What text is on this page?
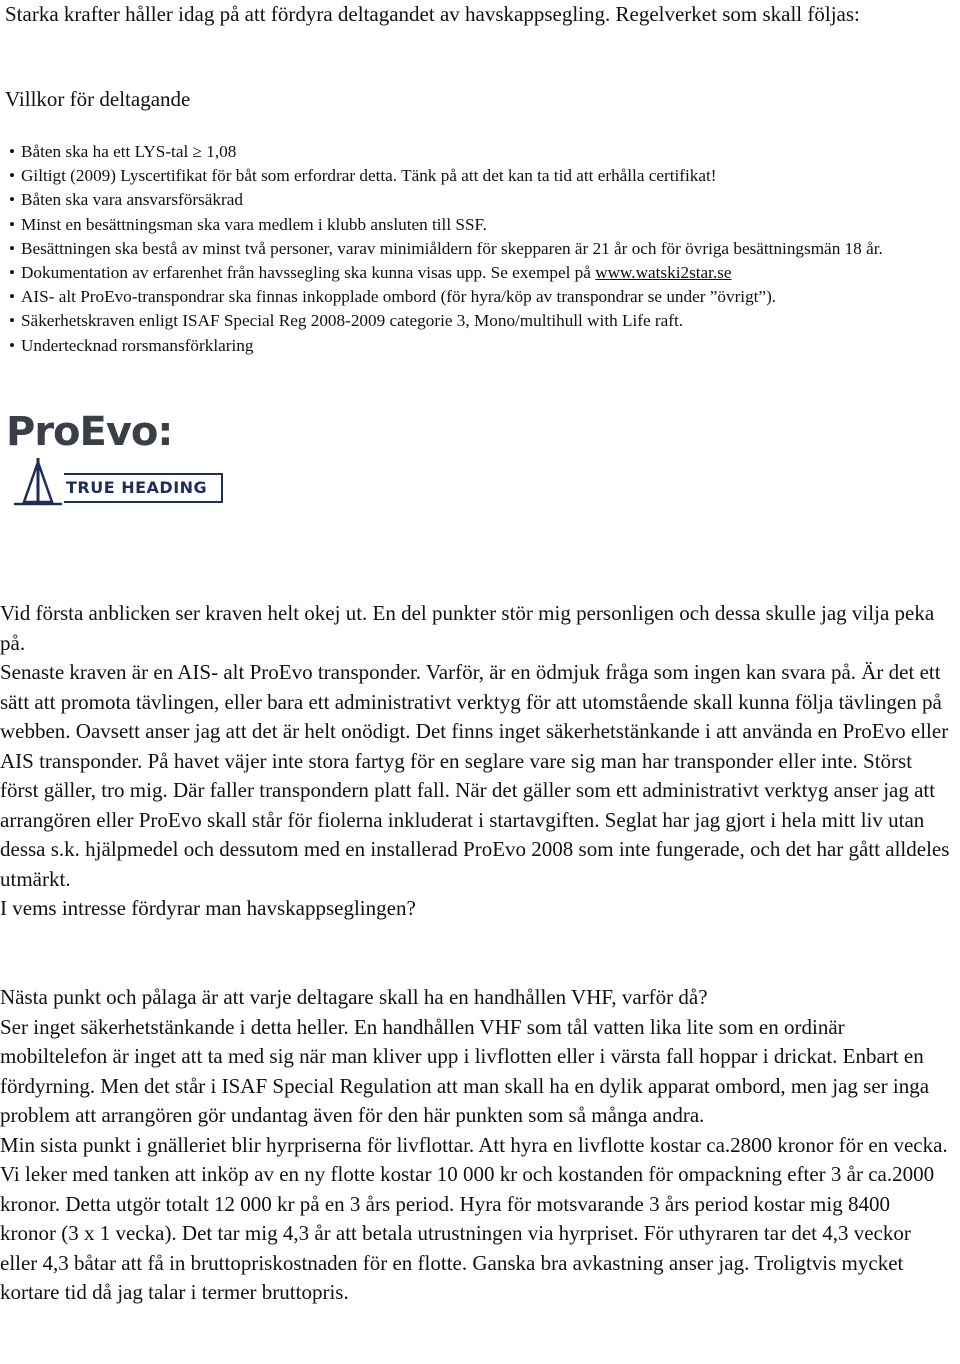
Starka krafter håller idag på att fördyra deltagandet av havskappsegling. Regelverket som skall följas:

Villkor för deltagande
• Båten ska ha ett LYS-tal ≥ 1,08
• Giltigt (2009) Lyscertifikat för båt som erfordrar detta. Tänk på att det kan ta tid att erhålla certifikat!
• Båten ska vara ansvarsförsäkrad
• Minst en besättningsman ska vara medlem i klubb ansluten till SSF.
• Besättningen ska bestå av minst två personer, varav minimiåldern för skepparen är 21 år och för övriga besättningsmän 18 år.
• Dokumentation av erfarenhet från havssegling ska kunna visas upp. Se exempel på www.watski2star.se
• AIS- alt ProEvo-transpondrar ska finnas inkopplade ombord (för hyra/köp av transpondrar se under ”övrigt”).
• Säkerhetskraven enligt ISAF Special Reg 2008-2009 categorie 3, Mono/multihull with Life raft.
• Undertecknad rorsmansförklaring
ProEvo:
TRUE HEADING

Vid första anblicken ser kraven helt okej ut. En del punkter stör mig personligen och dessa skulle jag vilja peka på.

Senaste kraven är en AIS- alt ProEvo transponder. Varför, är en ödmjuk fråga som ingen kan svara på. Är det ett sätt att promota tävlingen, eller bara ett administrativt verktyg för att utomstående skall kunna följa tävlingen på webben. Oavsett anser jag att det är helt onödigt. Det finns inget säkerhetstänkande i att använda en ProEvo eller AIS transponder. På havet väjer inte stora fartyg för en seglare vare sig man har transponder eller inte. Störst först gäller, tro mig. Där faller transpondern platt fall. När det gäller som ett administrativt verktyg anser jag att arrangören eller ProEvo skall står för fiolerna inkluderat i startavgiften. Seglat har jag gjort i hela mitt liv utan dessa s.k. hjälpmedel och dessutom med en installerad ProEvo 2008 som inte fungerade, och det har gått alldeles utmärkt.

I vems intresse fördyrar man havskappseglingen?

Nästa punkt och pålaga är att varje deltagare skall ha en handhållen VHF, varför då?

Ser inget säkerhetstänkande i detta heller. En handhållen VHF som tål vatten lika lite som en ordinär mobiltelefon är inget att ta med sig när man kliver upp i livflotten eller i värsta fall hoppar i drickat. Enbart en fördyrning. Men det står i ISAF Special Regulation att man skall ha en dylik apparat ombord, men jag ser inga problem att arrangören gör undantag även för den här punkten som så många andra.

Min sista punkt i gnälleriet blir hyrpriserna för livflottar. Att hyra en livflotte kostar ca.2800 kronor för en vecka. Vi leker med tanken att inköp av en ny flotte kostar 10 000 kr och kostanden för ompackning efter 3 år ca.2000 kronor. Detta utgör totalt 12 000 kr på en 3 års period. Hyra för motsvarande 3 års period kostar mig 8400 kronor (3 x 1 vecka). Det tar mig 4,3 år att betala utrustningen via hyrpriset. För uthyraren tar det 4,3 veckor eller 4,3 båtar att få in bruttopriskostnaden för en flotte. Ganska bra avkastning anser jag. Troligtvis mycket kortare tid då jag talar i termer bruttopris.
